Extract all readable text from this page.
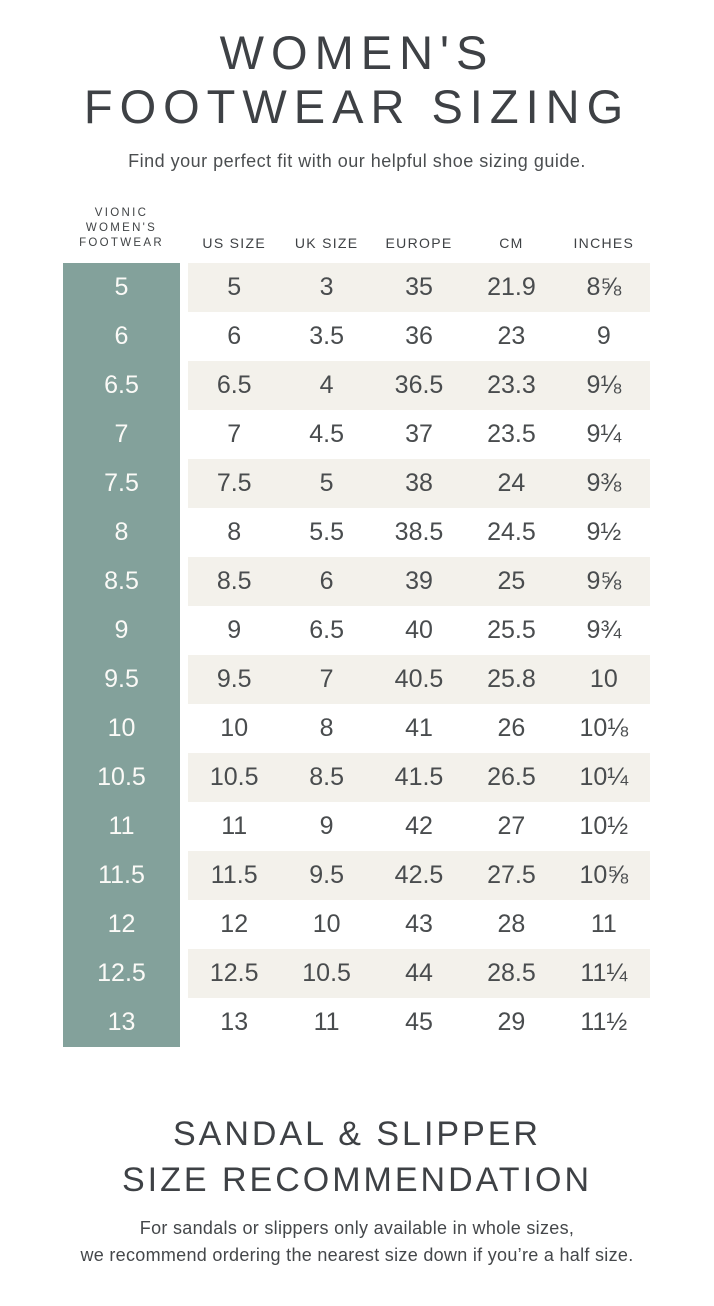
WOMEN'S
FOOTWEAR SIZING
Find your perfect fit with our helpful shoe sizing guide.
VIONIC
WOMEN'S
FOOTWEAR	US SIZE	UK SIZE	EUROPE	CM	INCHES
5	5	3	35	21.9	8⅝
6	6	3.5	36	23	9
6.5	6.5	4	36.5	23.3	9⅛
7	7	4.5	37	23.5	9¼
7.5	7.5	5	38	24	9⅜
8	8	5.5	38.5	24.5	9½
8.5	8.5	6	39	25	9⅝
9	9	6.5	40	25.5	9¾
9.5	9.5	7	40.5	25.8	10
10	10	8	41	26	10⅛
10.5	10.5	8.5	41.5	26.5	10¼
11	11	9	42	27	10½
11.5	11.5	9.5	42.5	27.5	10⅝
12	12	10	43	28	11
12.5	12.5	10.5	44	28.5	11¼
13	13	11	45	29	11½
SANDAL & SLIPPER
SIZE RECOMMENDATION
For sandals or slippers only available in whole sizes,
we recommend ordering the nearest size down if you’re a half size.
